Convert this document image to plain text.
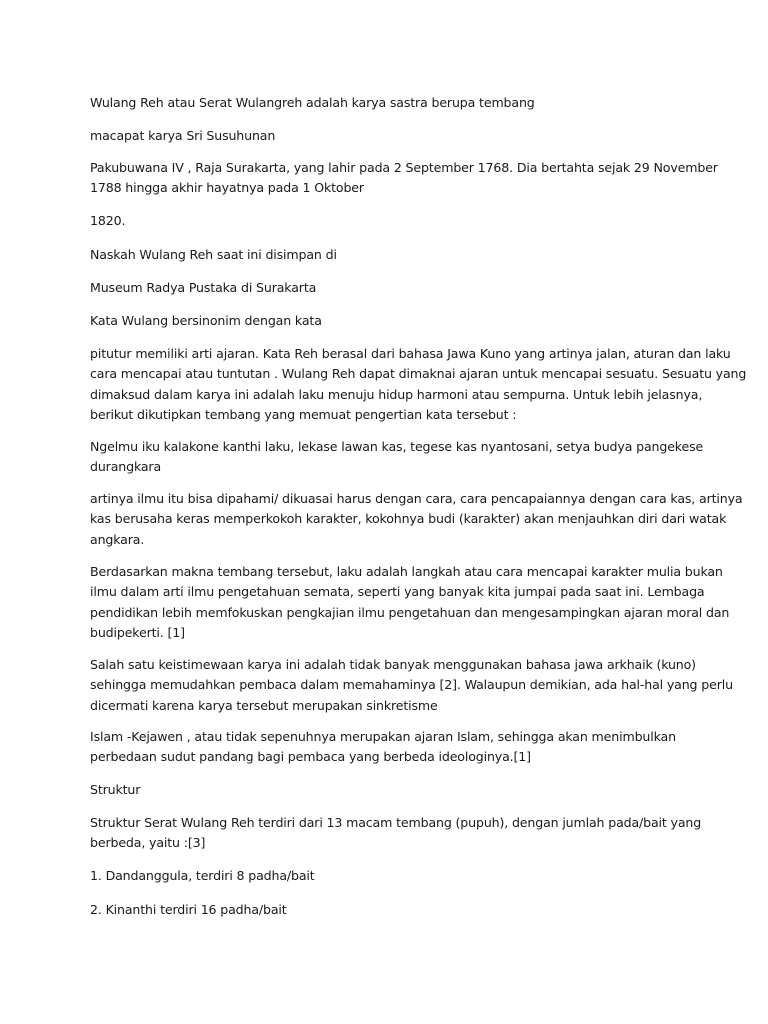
Wulang Reh atau Serat Wulangreh adalah karya sastra berupa tembang

macapat karya Sri Susuhunan

Pakubuwana IV , Raja Surakarta, yang lahir pada 2 September 1768. Dia bertahta sejak 29 November
1788 hingga akhir hayatnya pada 1 Oktober

1820.

Naskah Wulang Reh saat ini disimpan di

Museum Radya Pustaka di Surakarta

Kata Wulang bersinonim dengan kata

pitutur memiliki arti ajaran. Kata Reh berasal dari bahasa Jawa Kuno yang artinya jalan, aturan dan laku
cara mencapai atau tuntutan . Wulang Reh dapat dimaknai ajaran untuk mencapai sesuatu. Sesuatu yang
dimaksud dalam karya ini adalah laku menuju hidup harmoni atau sempurna. Untuk lebih jelasnya,
berikut dikutipkan tembang yang memuat pengertian kata tersebut :

Ngelmu iku kalakone kanthi laku, lekase lawan kas, tegese kas nyantosani, setya budya pangekese
durangkara

artinya ilmu itu bisa dipahami/ dikuasai harus dengan cara, cara pencapaiannya dengan cara kas, artinya
kas berusaha keras memperkokoh karakter, kokohnya budi (karakter) akan menjauhkan diri dari watak
angkara.

Berdasarkan makna tembang tersebut, laku adalah langkah atau cara mencapai karakter mulia bukan
ilmu dalam arti ilmu pengetahuan semata, seperti yang banyak kita jumpai pada saat ini. Lembaga
pendidikan lebih memfokuskan pengkajian ilmu pengetahuan dan mengesampingkan ajaran moral dan
budipekerti. [1]

Salah satu keistimewaan karya ini adalah tidak banyak menggunakan bahasa jawa arkhaik (kuno)
sehingga memudahkan pembaca dalam memahaminya [2]. Walaupun demikian, ada hal-hal yang perlu
dicermati karena karya tersebut merupakan sinkretisme

Islam -Kejawen , atau tidak sepenuhnya merupakan ajaran Islam, sehingga akan menimbulkan
perbedaan sudut pandang bagi pembaca yang berbeda ideologinya.[1]

Struktur

Struktur Serat Wulang Reh terdiri dari 13 macam tembang (pupuh), dengan jumlah pada/bait yang
berbeda, yaitu :[3]

1. Dandanggula, terdiri 8 padha/bait

2. Kinanthi terdiri 16 padha/bait
